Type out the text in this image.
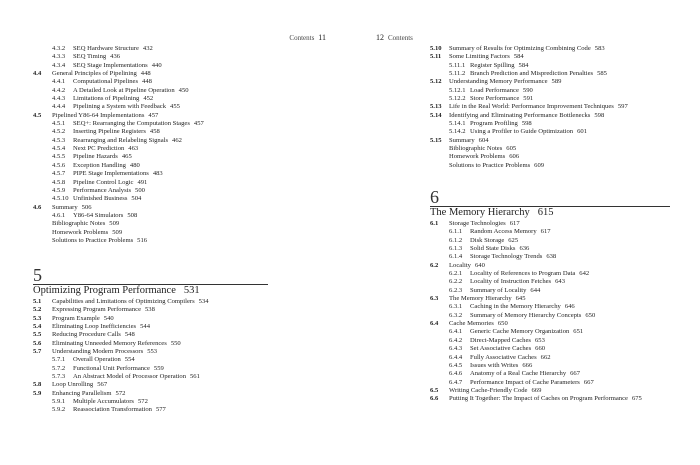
Contents 11
4.3.2 SEQ Hardware Structure 432
4.3.3 SEQ Timing 436
4.3.4 SEQ Stage Implementations 440
4.4 General Principles of Pipelining 448
4.4.1 Computational Pipelines 448
4.4.2 A Detailed Look at Pipeline Operation 450
4.4.3 Limitations of Pipelining 452
4.4.4 Pipelining a System with Feedback 455
4.5 Pipelined Y86-64 Implementations 457
4.5.1 SEQ+: Rearranging the Computation Stages 457
4.5.2 Inserting Pipeline Registers 458
4.5.3 Rearranging and Relabeling Signals 462
4.5.4 Next PC Prediction 463
4.5.5 Pipeline Hazards 465
4.5.6 Exception Handling 480
4.5.7 PIPE Stage Implementations 483
4.5.8 Pipeline Control Logic 491
4.5.9 Performance Analysis 500
4.5.10 Unfinished Business 504
4.6 Summary 506
4.6.1 Y86-64 Simulators 508
Bibliographic Notes 509
Homework Problems 509
Solutions to Practice Problems 516
5
Optimizing Program Performance 531
5.1 Capabilities and Limitations of Optimizing Compilers 534
5.2 Expressing Program Performance 538
5.3 Program Example 540
5.4 Eliminating Loop Inefficiencies 544
5.5 Reducing Procedure Calls 548
5.6 Eliminating Unneeded Memory References 550
5.7 Understanding Modern Processors 553
5.7.1 Overall Operation 554
5.7.2 Functional Unit Performance 559
5.7.3 An Abstract Model of Processor Operation 561
5.8 Loop Unrolling 567
5.9 Enhancing Parallelism 572
5.9.1 Multiple Accumulators 572
5.9.2 Reassociation Transformation 577
12 Contents
5.10 Summary of Results for Optimizing Combining Code 583
5.11 Some Limiting Factors 584
5.11.1 Register Spilling 584
5.11.2 Branch Prediction and Misprediction Penalties 585
5.12 Understanding Memory Performance 589
5.12.1 Load Performance 590
5.12.2 Store Performance 591
5.13 Life in the Real World: Performance Improvement Techniques 597
5.14 Identifying and Eliminating Performance Bottlenecks 598
5.14.1 Program Profiling 598
5.14.2 Using a Profiler to Guide Optimization 601
5.15 Summary 604
Bibliographic Notes 605
Homework Problems 606
Solutions to Practice Problems 609
6
The Memory Hierarchy 615
6.1 Storage Technologies 617
6.1.1 Random Access Memory 617
6.1.2 Disk Storage 625
6.1.3 Solid State Disks 636
6.1.4 Storage Technology Trends 638
6.2 Locality 640
6.2.1 Locality of References to Program Data 642
6.2.2 Locality of Instruction Fetches 643
6.2.3 Summary of Locality 644
6.3 The Memory Hierarchy 645
6.3.1 Caching in the Memory Hierarchy 646
6.3.2 Summary of Memory Hierarchy Concepts 650
6.4 Cache Memories 650
6.4.1 Generic Cache Memory Organization 651
6.4.2 Direct-Mapped Caches 653
6.4.3 Set Associative Caches 660
6.4.4 Fully Associative Caches 662
6.4.5 Issues with Writes 666
6.4.6 Anatomy of a Real Cache Hierarchy 667
6.4.7 Performance Impact of Cache Parameters 667
6.5 Writing Cache-Friendly Code 669
6.6 Putting It Together: The Impact of Caches on Program Performance 675
